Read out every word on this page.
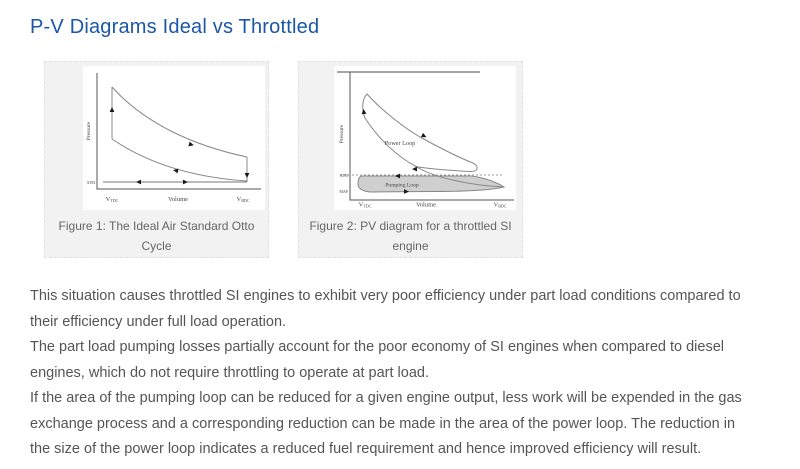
P-V Diagrams Ideal vs Throttled
Pressure
ATM
VTDC	Volume	VBDC
Figure 1: The Ideal Air Standard Otto Cycle
Pressure
ATM
MAP
Power Loop
Pumping Loop
VTDC	Volume	VBDC
Figure 2: PV diagram for a throttled SI engine

This situation causes throttled SI engines to exhibit very poor efficiency under part load conditions compared to their efficiency under full load operation.

The part load pumping losses partially account for the poor economy of SI engines when compared to diesel engines, which do not require throttling to operate at part load.

If the area of the pumping loop can be reduced for a given engine output, less work will be expended in the gas exchange process and a corresponding reduction can be made in the area of the power loop. The reduction in the size of the power loop indicates a reduced fuel requirement and hence improved efficiency will result.
